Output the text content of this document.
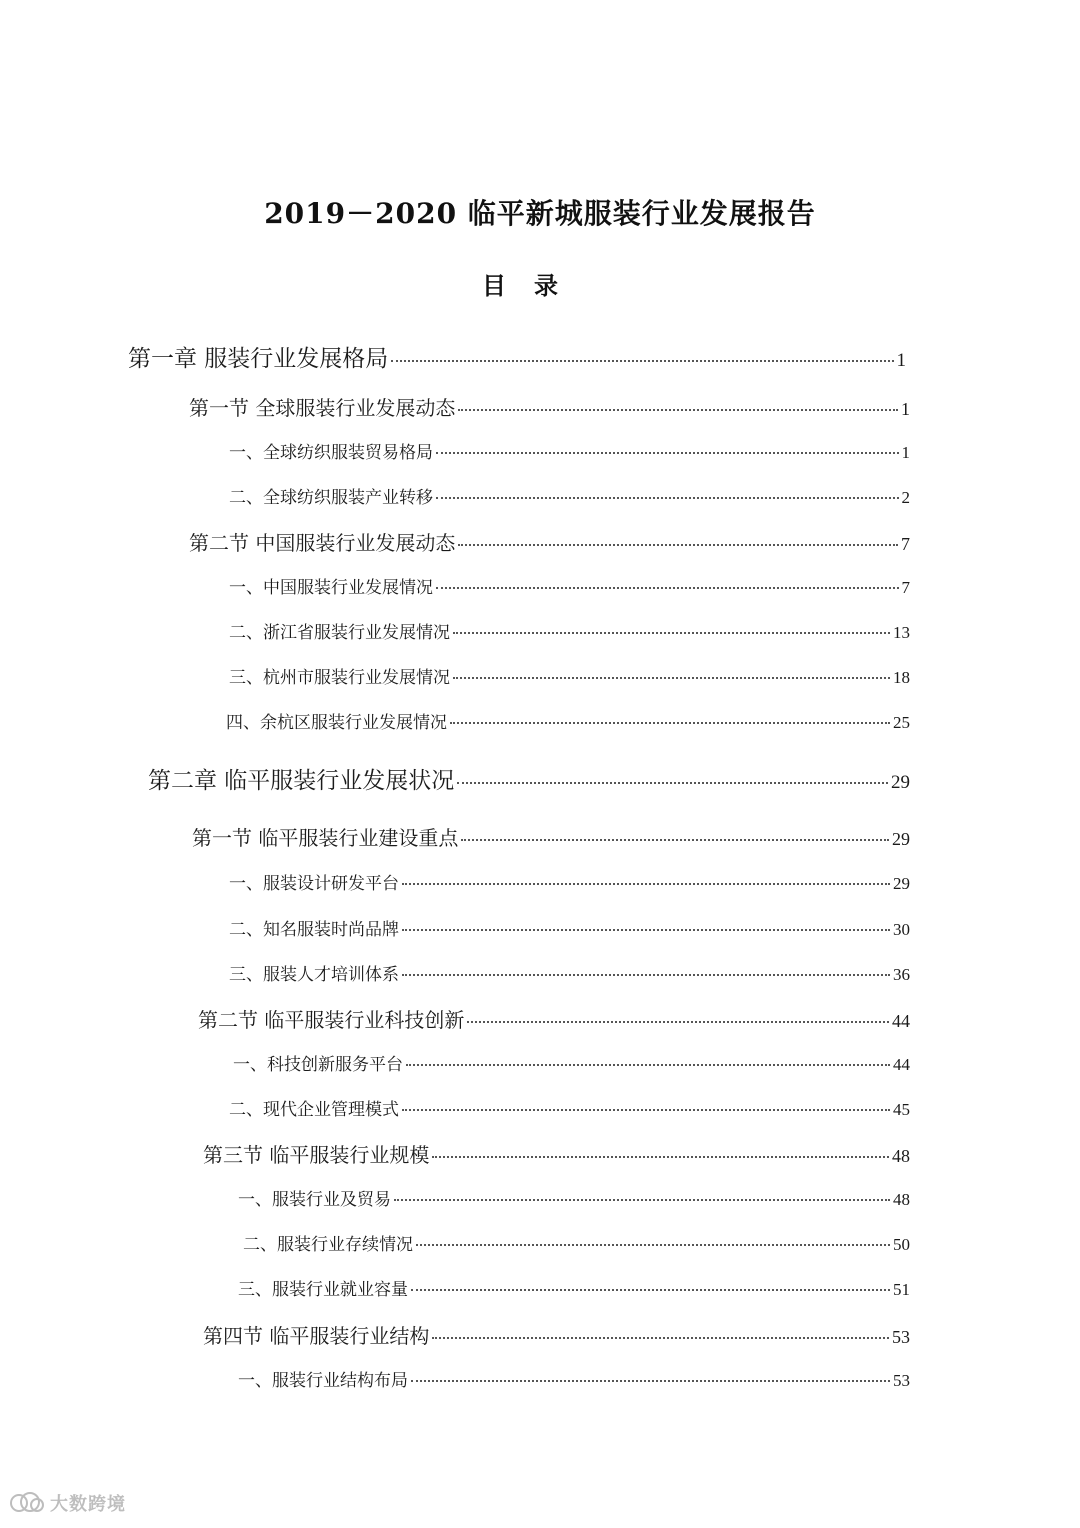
2019－2020 临平新城服装行业发展报告
目录
第一章 服装行业发展格局	1
第一节 全球服装行业发展动态	1
一、全球纺织服装贸易格局	1
二、全球纺织服装产业转移	2
第二节 中国服装行业发展动态	7
一、中国服装行业发展情况	7
二、浙江省服装行业发展情况	13
三、杭州市服装行业发展情况	18
四、余杭区服装行业发展情况	25
第二章 临平服装行业发展状况	29
第一节 临平服装行业建设重点	29
一、服装设计研发平台	29
二、知名服装时尚品牌	30
三、服装人才培训体系	36
第二节 临平服装行业科技创新	44
一、科技创新服务平台	44
二、现代企业管理模式	45
第三节 临平服装行业规模	48
一、服装行业及贸易	48
二、服装行业存续情况	50
三、服装行业就业容量	51
第四节 临平服装行业结构	53
一、服装行业结构布局	53
大数跨境
